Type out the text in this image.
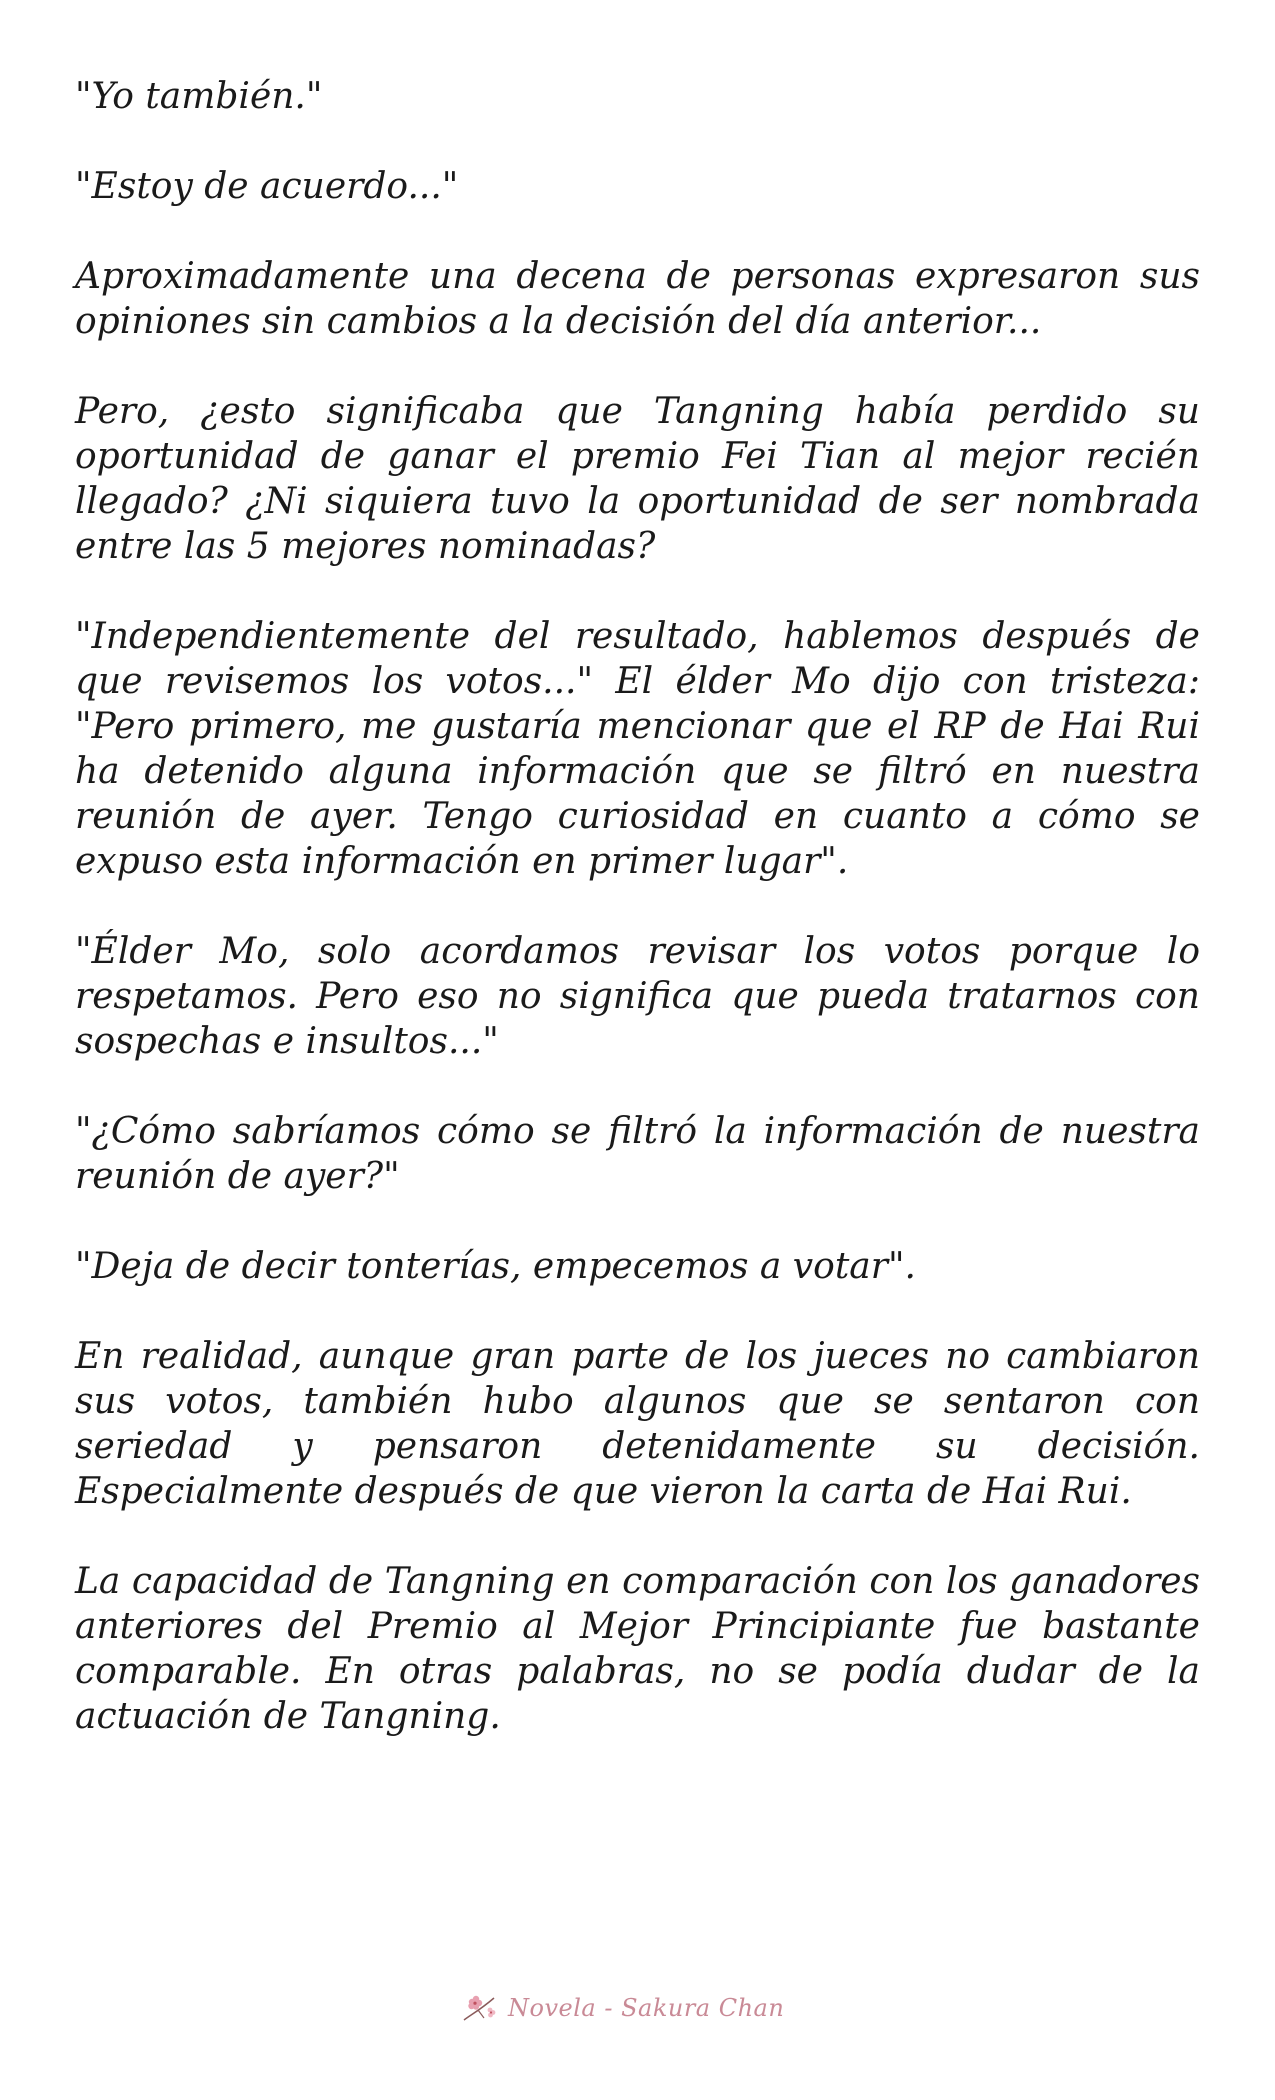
"Yo también."

"Estoy de acuerdo..."

Aproximadamente una decena de personas expresaron sus opiniones sin cambios a la decisión del día anterior...

Pero, ¿esto significaba que Tangning había perdido su oportunidad de ganar el premio Fei Tian al mejor recién llegado? ¿Ni siquiera tuvo la oportunidad de ser nombrada entre las 5 mejores nominadas?

"Independientemente del resultado, hablemos después de que revisemos los votos..." El élder Mo dijo con tristeza: "Pero primero, me gustaría mencionar que el RP de Hai Rui ha detenido alguna información que se filtró en nuestra reunión de ayer. Tengo curiosidad en cuanto a cómo se expuso esta información en primer lugar".

"Élder Mo, solo acordamos revisar los votos porque lo respetamos. Pero eso no significa que pueda tratarnos con sospechas e insultos..."

"¿Cómo sabríamos cómo se filtró la información de nuestra reunión de ayer?"

"Deja de decir tonterías, empecemos a votar".

En realidad, aunque gran parte de los jueces no cambiaron sus votos, también hubo algunos que se sentaron con seriedad y pensaron detenidamente su decisión. Especialmente después de que vieron la carta de Hai Rui.

La capacidad de Tangning en comparación con los ganadores anteriores del Premio al Mejor Principiante fue bastante comparable. En otras palabras, no se podía dudar de la actuación de Tangning.

Novela - Sakura Chan
